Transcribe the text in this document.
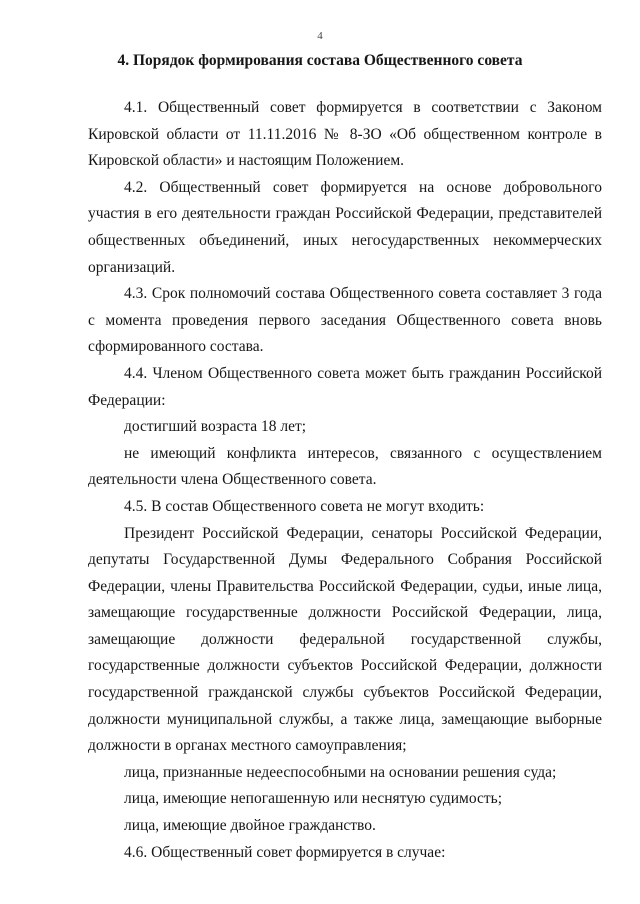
4
4. Порядок формирования состава Общественного совета

4.1. Общественный совет формируется в соответствии с Законом Кировской области от 11.11.2016 № 8-ЗО «Об общественном контроле в Кировской области» и настоящим Положением.

4.2. Общественный совет формируется на основе добровольного участия в его деятельности граждан Российской Федерации, представителей общественных объединений, иных негосударственных некоммерческих организаций.

4.3. Срок полномочий состава Общественного совета составляет 3 года с момента проведения первого заседания Общественного совета вновь сформированного состава.

4.4. Членом Общественного совета может быть гражданин Российской Федерации:

достигший возраста 18 лет;

не имеющий конфликта интересов, связанного с осуществлением деятельности члена Общественного совета.

4.5. В состав Общественного совета не могут входить:

Президент Российской Федерации, сенаторы Российской Федерации, депутаты Государственной Думы Федерального Собрания Российской Федерации, члены Правительства Российской Федерации, судьи, иные лица, замещающие государственные должности Российской Федерации, лица, замещающие должности федеральной государственной службы, государственные должности субъектов Российской Федерации, должности государственной гражданской службы субъектов Российской Федерации, должности муниципальной службы, а также лица, замещающие выборные должности в органах местного самоуправления;

лица, признанные недееспособными на основании решения суда;

лица, имеющие непогашенную или неснятую судимость;

лица, имеющие двойное гражданство.

4.6. Общественный совет формируется в случае:
